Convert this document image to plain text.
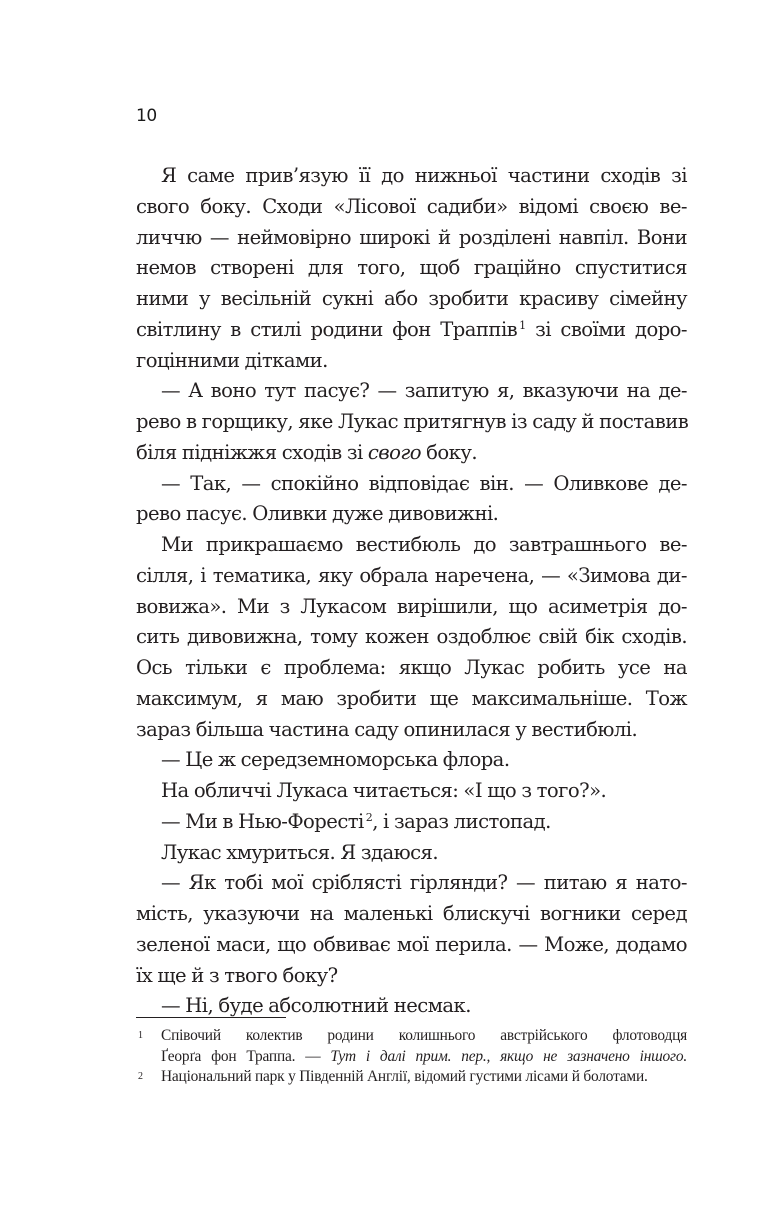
10
Я саме прив’язую її до нижньої частини сходів зі
свого боку. Сходи «Лісової садиби» відомі своєю ве-
личчю — неймовірно широкі й розділені навпіл. Вони
немов створені для того, щоб граційно спуститися
ними у весільній сукні або зробити красиву сімейну
світлину в стилі родини фон Траппів $^1$ зі своїми доро-
гоцінними дітками.
— А воно тут пасує? — запитую я, вказуючи на де-
рево в горщику, яке Лукас притягнув із саду й поставив
біля підніжжя сходів зі свого боку.
— Так, — спокійно відповідає він. — Оливкове де-
рево пасує. Оливки дуже дивовижні.
Ми прикрашаємо вестибюль до завтрашнього ве-
сілля, і тематика, яку обрала наречена, — «Зимова ди-
вовижа». Ми з Лукасом вирішили, що асиметрія до-
сить дивовижна, тому кожен оздоблює свій бік сходів.
Ось тільки є проблема: якщо Лукас робить усе на
максимум, я маю зробити ще максимальніше. Тож
зараз більша частина саду опинилася у вестибюлі.
— Це ж середземноморська флора.
На обличчі Лукаса читається: «І що з того?».
— Ми в Нью-Форесті $^2$, і зараз листопад.
Лукас хмуриться. Я здаюся.
— Як тобі мої сріблясті гірлянди? — питаю я нато-
мість, указуючи на маленькі блискучі вогники серед
зеленої маси, що обвиває мої перила. — Може, додамо
їх ще й з твого боку?
— Ні, буде абсолютний несмак.
1 Співочий колектив родини колишнього австрійського флотоводця
Ґеорґа фон Траппа. — Тут і далі прим. пер., якщо не зазначено іншого.
2 Національний парк у Південній Англії, відомий густими лісами й болотами.
